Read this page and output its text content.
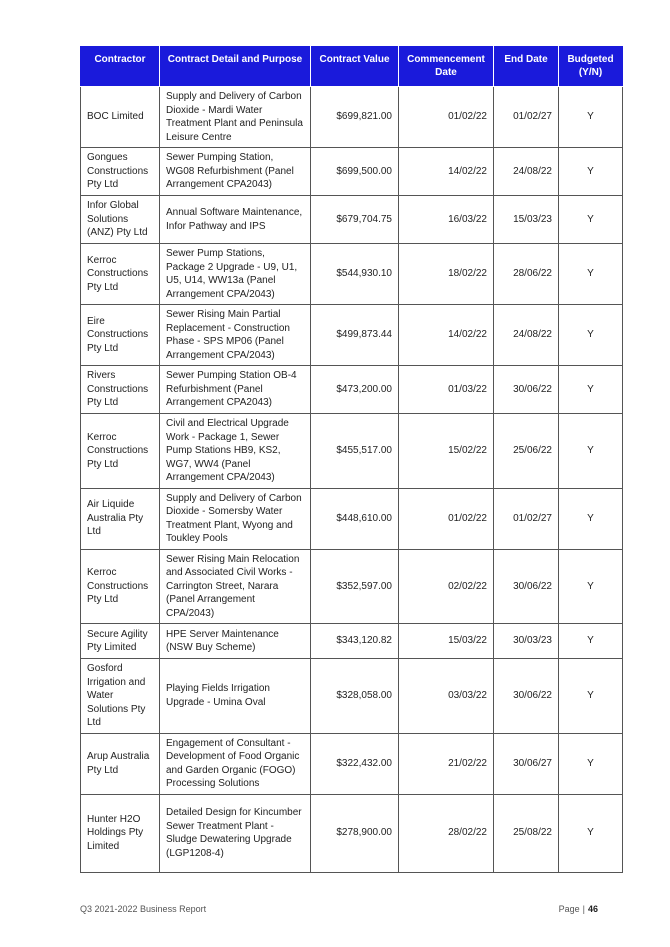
Contractor	Contract Detail and Purpose	Contract Value	Commencement Date	End Date	Budgeted (Y/N)
BOC Limited	Supply and Delivery of Carbon Dioxide - Mardi Water Treatment Plant and Peninsula Leisure Centre	$699,821.00	01/02/22	01/02/27	Y
Gongues Constructions Pty Ltd	Sewer Pumping Station, WG08 Refurbishment (Panel Arrangement CPA2043)	$699,500.00	14/02/22	24/08/22	Y
Infor Global Solutions (ANZ) Pty Ltd	Annual Software Maintenance, Infor Pathway and IPS	$679,704.75	16/03/22	15/03/23	Y
Kerroc Constructions Pty Ltd	Sewer Pump Stations, Package 2 Upgrade - U9, U1, U5, U14, WW13a (Panel Arrangement CPA/2043)	$544,930.10	18/02/22	28/06/22	Y
Eire Constructions Pty Ltd	Sewer Rising Main Partial Replacement - Construction Phase - SPS MP06 (Panel Arrangement CPA/2043)	$499,873.44	14/02/22	24/08/22	Y
Rivers Constructions Pty Ltd	Sewer Pumping Station OB-4 Refurbishment (Panel Arrangement CPA2043)	$473,200.00	01/03/22	30/06/22	Y
Kerroc Constructions Pty Ltd	Civil and Electrical Upgrade Work - Package 1, Sewer Pump Stations HB9, KS2, WG7, WW4 (Panel Arrangement CPA/2043)	$455,517.00	15/02/22	25/06/22	Y
Air Liquide Australia Pty Ltd	Supply and Delivery of Carbon Dioxide - Somersby Water Treatment Plant, Wyong and Toukley Pools	$448,610.00	01/02/22	01/02/27	Y
Kerroc Constructions Pty Ltd	Sewer Rising Main Relocation and Associated Civil Works - Carrington Street, Narara (Panel Arrangement CPA/2043)	$352,597.00	02/02/22	30/06/22	Y
Secure Agility Pty Limited	HPE Server Maintenance (NSW Buy Scheme)	$343,120.82	15/03/22	30/03/23	Y
Gosford Irrigation and Water Solutions Pty Ltd	Playing Fields Irrigation Upgrade - Umina Oval	$328,058.00	03/03/22	30/06/22	Y
Arup Australia Pty Ltd	Engagement of Consultant - Development of Food Organic and Garden Organic (FOGO) Processing Solutions	$322,432.00	21/02/22	30/06/27	Y
Hunter H2O Holdings Pty Limited	Detailed Design for Kincumber Sewer Treatment Plant - Sludge Dewatering Upgrade (LGP1208-4)	$278,900.00	28/02/22	25/08/22	Y
Q3 2021-2022 Business Report	Page | 46
